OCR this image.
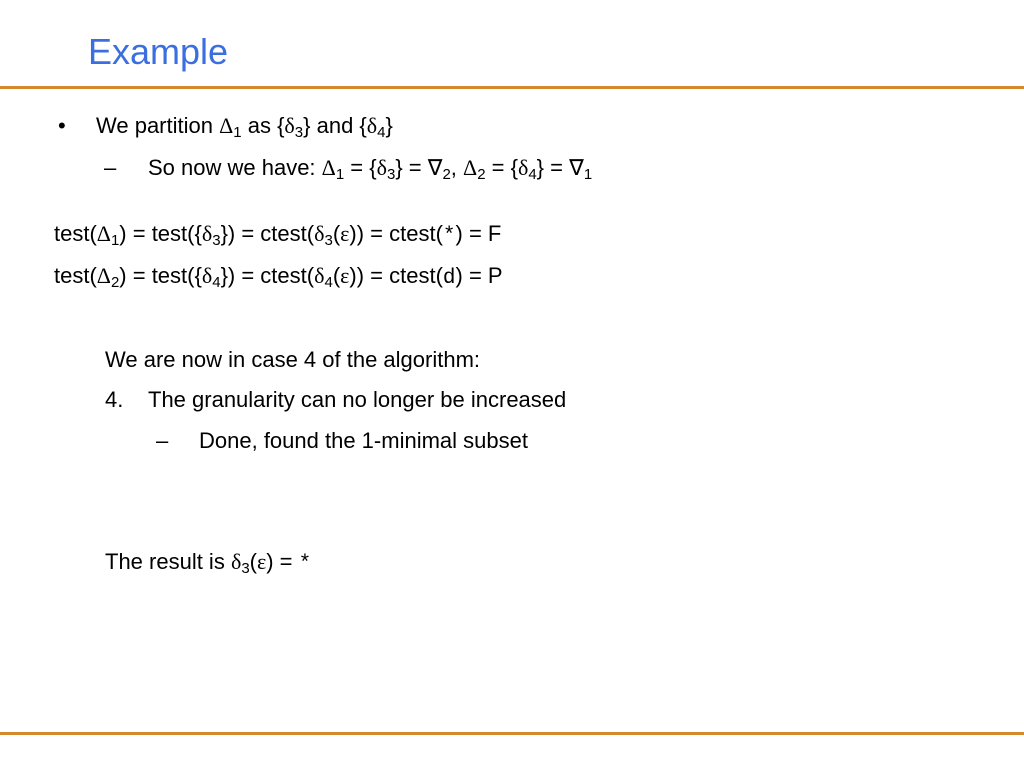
Example
• We partition $\Delta_1$ as $\{\delta_3\}$ and $\{\delta_4\}$
– So now we have: $\Delta_1 = \{\delta_3\} = \nabla_2$, $\Delta_2 = \{\delta_4\} = \nabla_1$
$test(\Delta_1)$ = $test(\{\delta_3\})$ = $ctest(\delta_3(\varepsilon))$ = ctest(*) = F
$test(\Delta_2)$ = $test(\{\delta_4\})$ = $ctest(\delta_4(\varepsilon))$ = ctest(d) = P
We are now in case 4 of the algorithm:
4. The granularity can no longer be increased
– Done, found the 1-minimal subset
The result is $\delta_3(\varepsilon)$ = *
